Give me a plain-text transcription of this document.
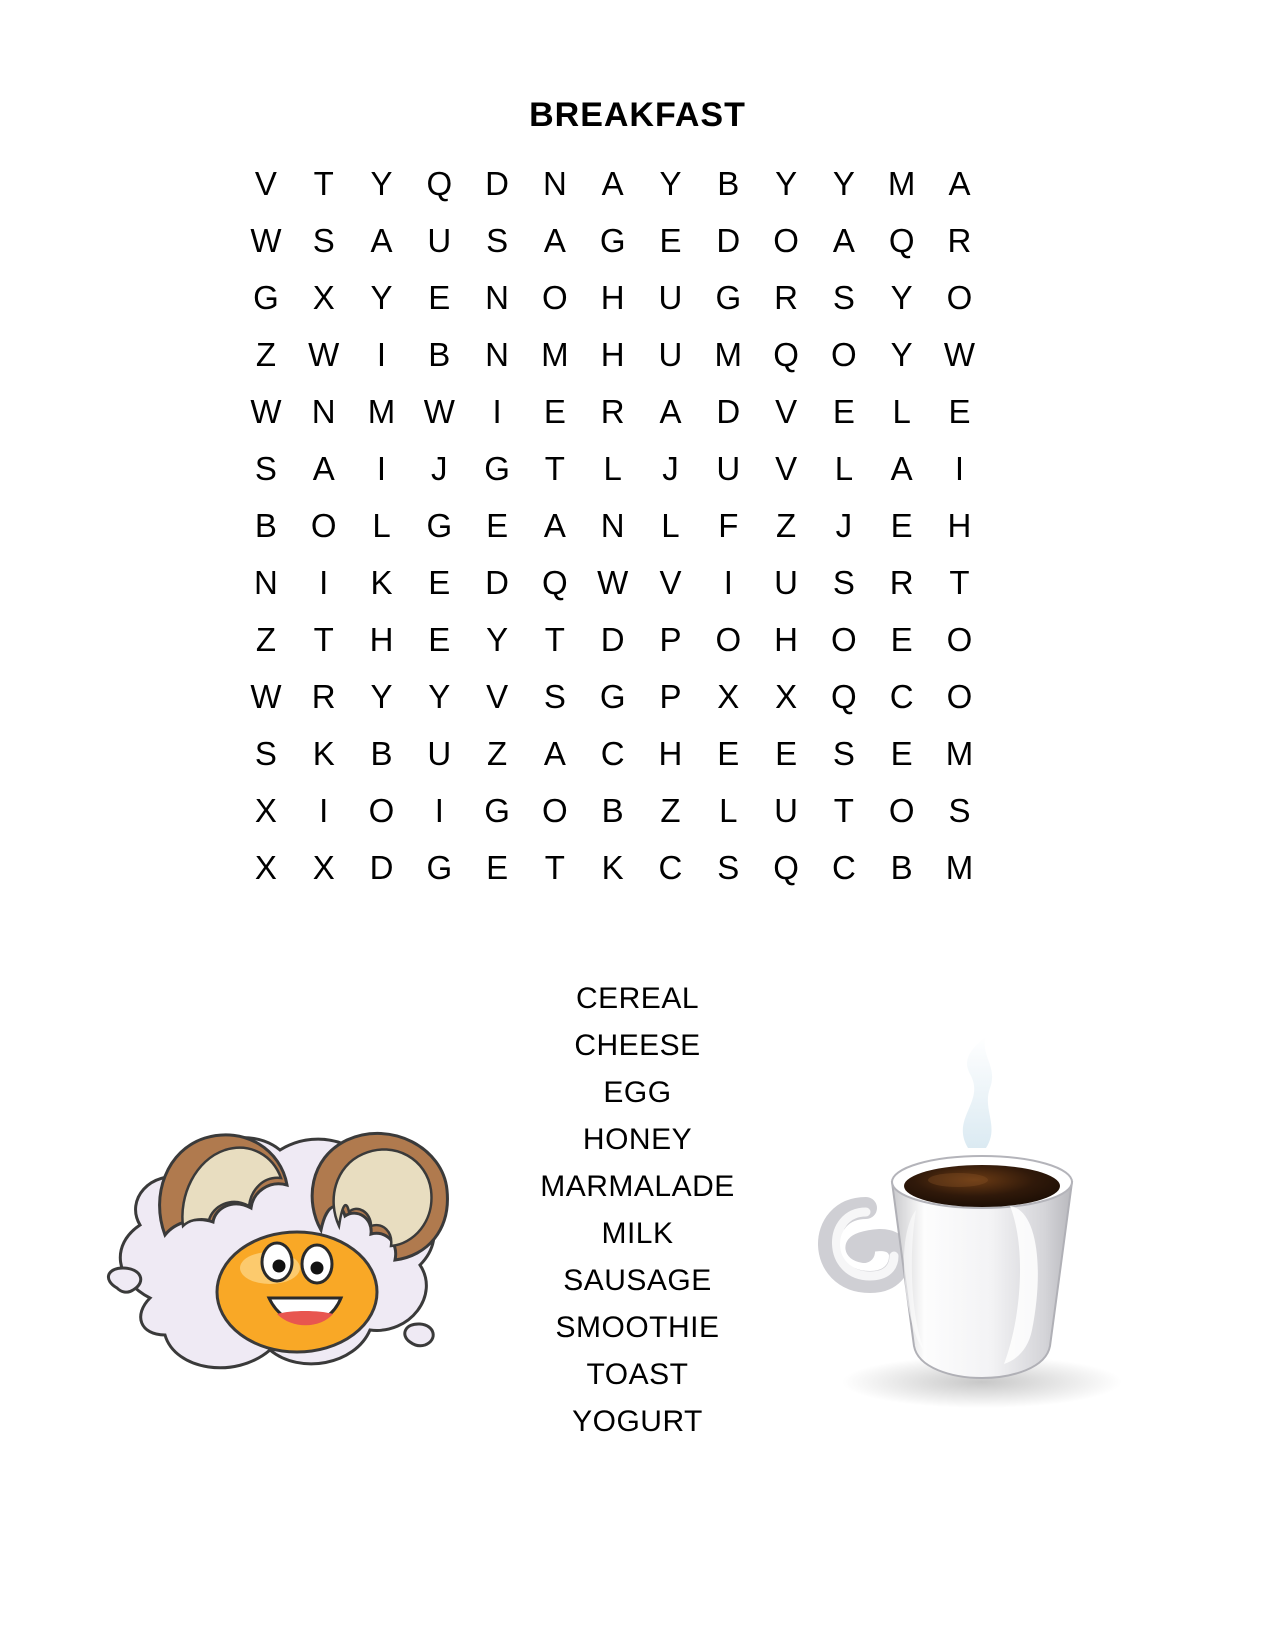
BREAKFAST
V	T	Y	Q	D	N	A	Y	B	Y	Y	M	A
W S	A	U	S	A	G	E	D	O	A	Q	R
G	X	Y	E	N	O	H	U	G	R	S	Y	O
Z W	I	B	N M H	U M Q O	Y W
W N M W	I	E	R	A	D	V	E	L	E
S	A	I	J	G	T	L	J	U	V	L	A	I
B	O	L	G	E	A	N	L	F	Z	J	E	H
N	I	K	E	D	Q W V	I	U	S	R	T
Z	T	H	E	Y	T	D	P	O	H	O	E	O
W R	Y	Y	V	S	G	P	X	X	Q	C	O
S	K	B	U	Z	A	C	H	E	E	S	E	M
X	I	O	I	G O	B	Z	L	U	T	O	S
X	X	D	G	E	T	K	C	S	Q	C	B	M
CEREAL
CHEESE
EGG
HONEY
MARMALADE
MILK
SAUSAGE
SMOOTHIE
TOAST
YOGURT
